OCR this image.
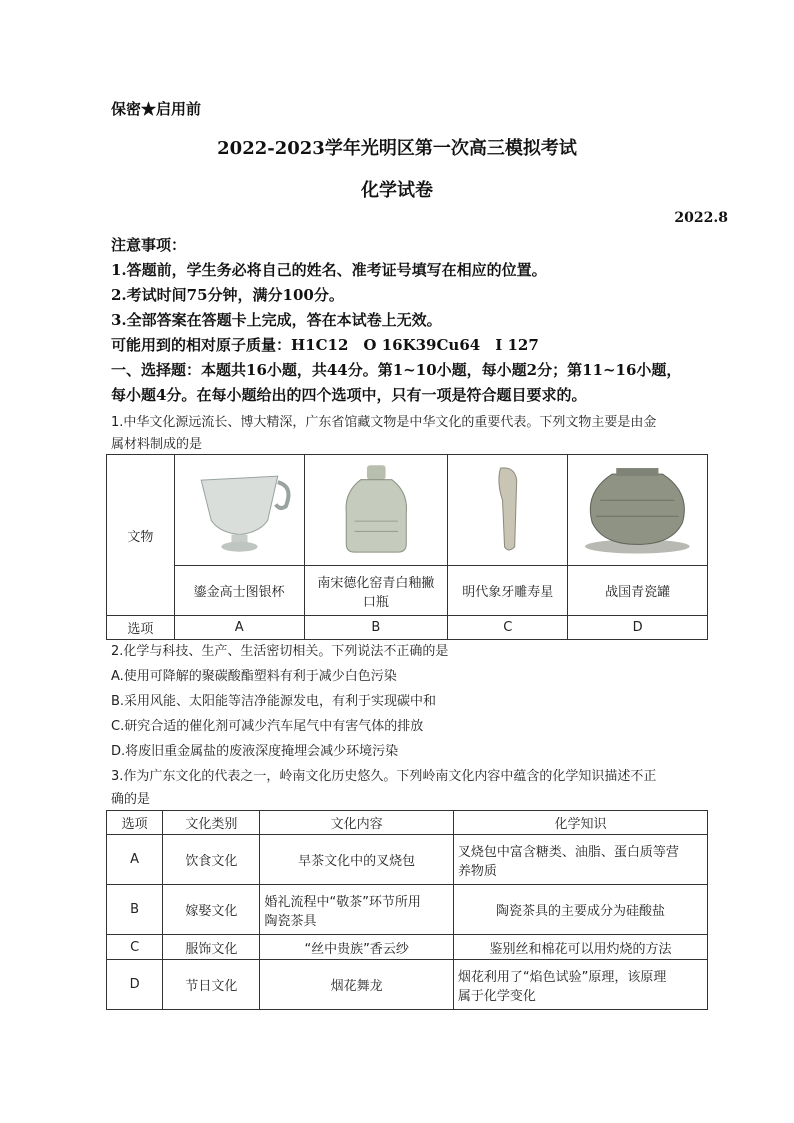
保密★启用前
2022-2023学年光明区第一次高三模拟考试
化学试卷
2022.8
注意事项：
1.答题前，学生务必将自己的姓名、准考证号填写在相应的位置。
2.考试时间75分钟，满分100分。
3.全部答案在答题卡上完成，答在本试卷上无效。
可能用到的相对原子质量：H1C12　O 16K39Cu64　I 127
一、选择题：本题共16小题，共44分。第1~10小题，每小题2分；第11~16小题，
每小题4分。在每小题给出的四个选项中，只有一项是符合题目要求的。
1.中华文化源远流长、博大精深，广东省馆藏文物是中华文化的重要代表。下列文物主要是由金
属材料制成的是
文物				
	鎏金高士图银杯	南宋德化窑青白釉撇
口瓶	明代象牙雕寿星	战国青瓷罐
选项	A	B	C	D
2.化学与科技、生产、生活密切相关。下列说法不正确的是
A.使用可降解的聚碳酸酯塑料有利于减少白色污染
B.采用风能、太阳能等洁净能源发电，有利于实现碳中和
C.研究合适的催化剂可减少汽车尾气中有害气体的排放
D.将废旧重金属盐的废液深度掩埋会减少环境污染
3.作为广东文化的代表之一，岭南文化历史悠久。下列岭南文化内容中蕴含的化学知识描述不正
确的是
选项	文化类别	文化内容	化学知识
A	饮食文化	早茶文化中的叉烧包	叉烧包中富含糖类、油脂、蛋白质等营
养物质

B	嫁娶文化	婚礼流程中“敬茶”环节所用
陶瓷茶具	陶瓷茶具的主要成分为硅酸盐
C	服饰文化	“丝中贵族”香云纱	鉴别丝和棉花可以用灼烧的方法
D	节日文化	烟花舞龙	烟花利用了“焰色试验”原理，该原理
属于化学变化
